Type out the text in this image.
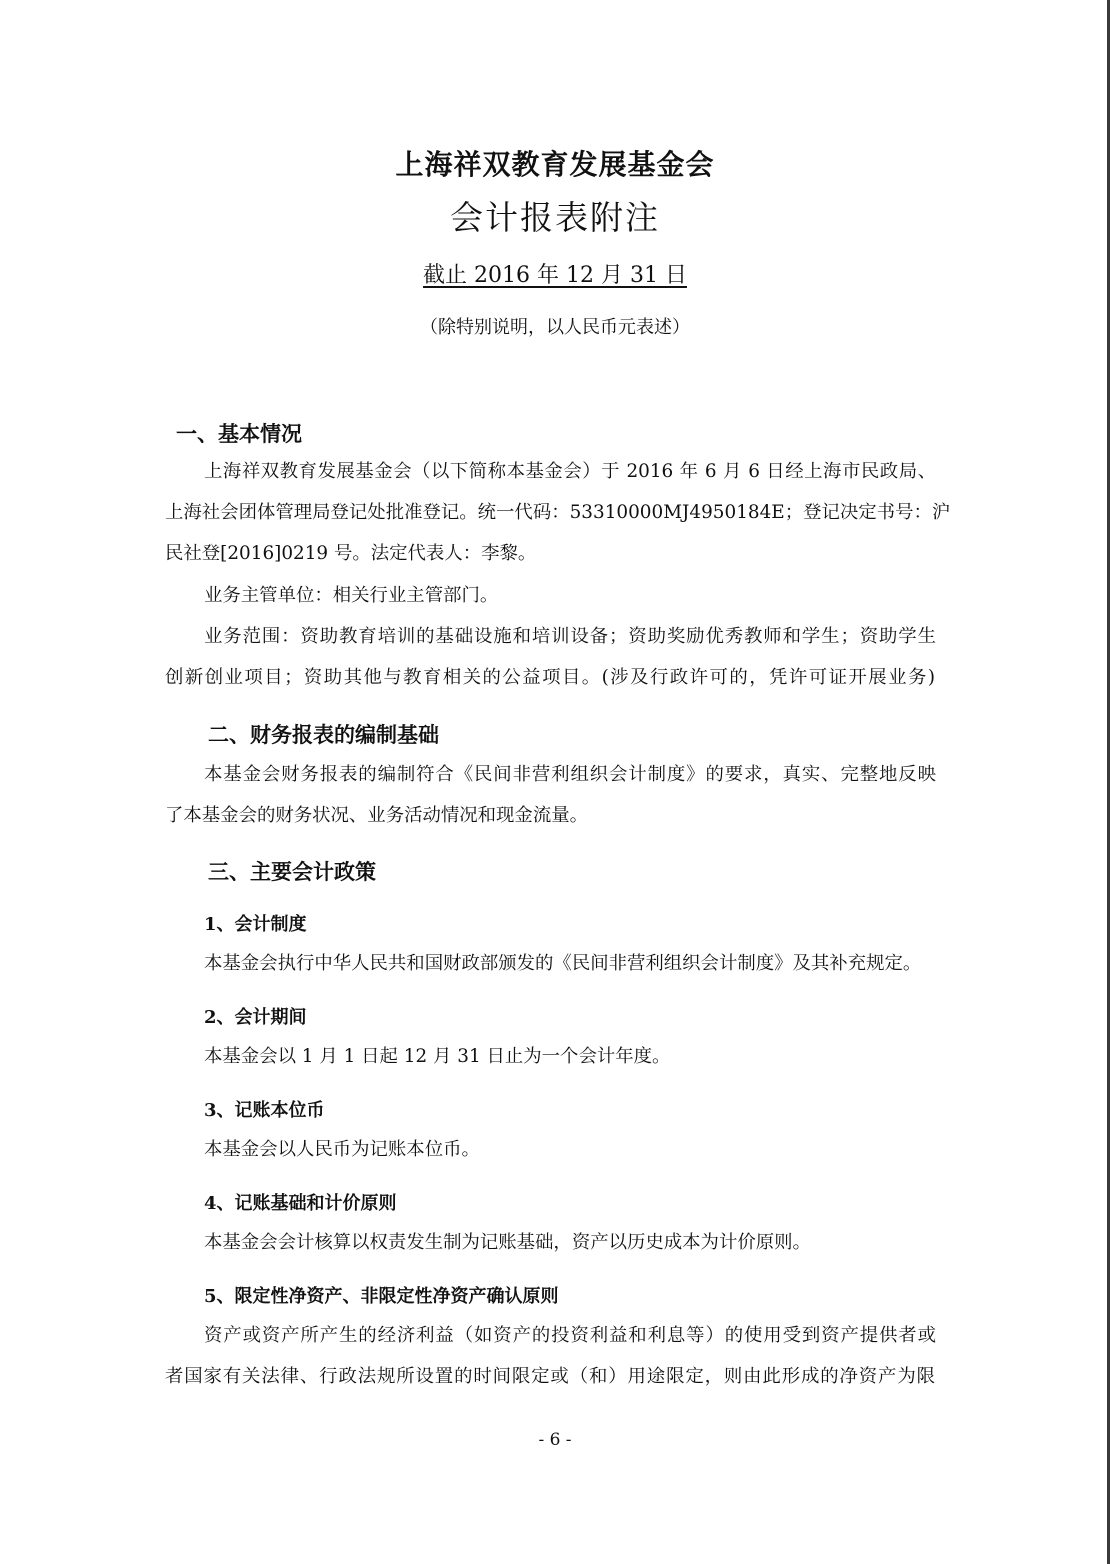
上海祥双教育发展基金会
会计报表附注
截止 2016 年 12 月 31 日
（除特别说明，以人民币元表述）
一、基本情况
上海祥双教育发展基金会（以下简称本基金会）于 2016 年 6 月 6 日经上海市民政局、
上海社会团体管理局登记处批准登记。统一代码：53310000MJ4950184E；登记决定书号：沪
民社登[2016]0219 号。法定代表人：李黎。
业务主管单位：相关行业主管部门。
业务范围：资助教育培训的基础设施和培训设备；资助奖励优秀教师和学生；资助学生
创新创业项目；资助其他与教育相关的公益项目。(涉及行政许可的，凭许可证开展业务)
二、财务报表的编制基础
本基金会财务报表的编制符合《民间非营利组织会计制度》的要求，真实、完整地反映
了本基金会的财务状况、业务活动情况和现金流量。
三、主要会计政策
1、会计制度
本基金会执行中华人民共和国财政部颁发的《民间非营利组织会计制度》及其补充规定。
2、会计期间
本基金会以 1 月 1 日起 12 月 31 日止为一个会计年度。
3、记账本位币
本基金会以人民币为记账本位币。
4、记账基础和计价原则
本基金会会计核算以权责发生制为记账基础，资产以历史成本为计价原则。
5、限定性净资产、非限定性净资产确认原则
资产或资产所产生的经济利益（如资产的投资利益和利息等）的使用受到资产提供者或
者国家有关法律、行政法规所设置的时间限定或（和）用途限定，则由此形成的净资产为限
- 6 -
